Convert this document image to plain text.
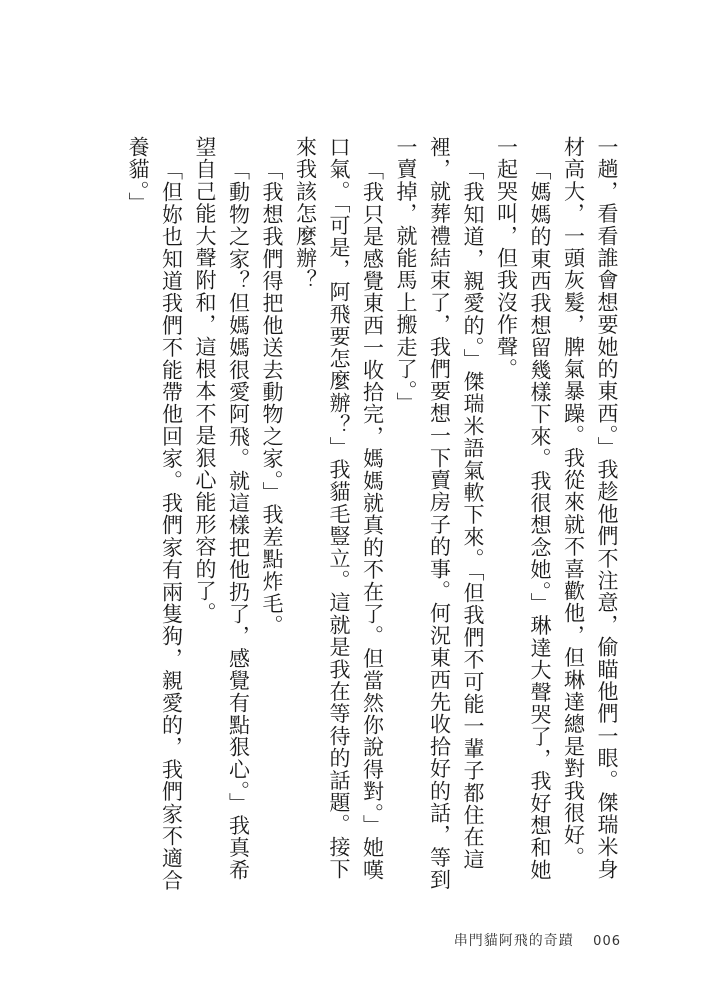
一趟，看看誰會想要她的東西。」我趁他們不注意，偷瞄他們一眼。傑瑞米身材高大，一頭灰髮，脾氣暴躁。我從來就不喜歡他，但琳達總是對我很好。

「媽媽的東西我想留幾樣下來。我很想念她。」琳達大聲哭了，我好想和她一起哭叫，但我沒作聲。

「我知道，親愛的。」傑瑞米語氣軟下來。「但我們不可能一輩子都住在這裡，就葬禮結束了，我們要想一下賣房子的事。何況東西先收拾好的話，等到一賣掉，就能馬上搬走了。」

「我只是感覺東西一收拾完，媽媽就真的不在了。但當然你說得對。」她嘆口氣。「可是，阿飛要怎麼辦？」我貓毛豎立。這就是我在等待的話題。接下來我該怎麼辦？

「我想我們得把他送去動物之家。」我差點炸毛。

「動物之家？但媽媽很愛阿飛。就這樣把他扔了，感覺有點狠心。」我真希望自己能大聲附和，這根本不是狠心能形容的了。

「但妳也知道我們不能帶他回家。我們家有兩隻狗，親愛的，我們家不適合養貓。」

串門貓阿飛的奇蹟 006
